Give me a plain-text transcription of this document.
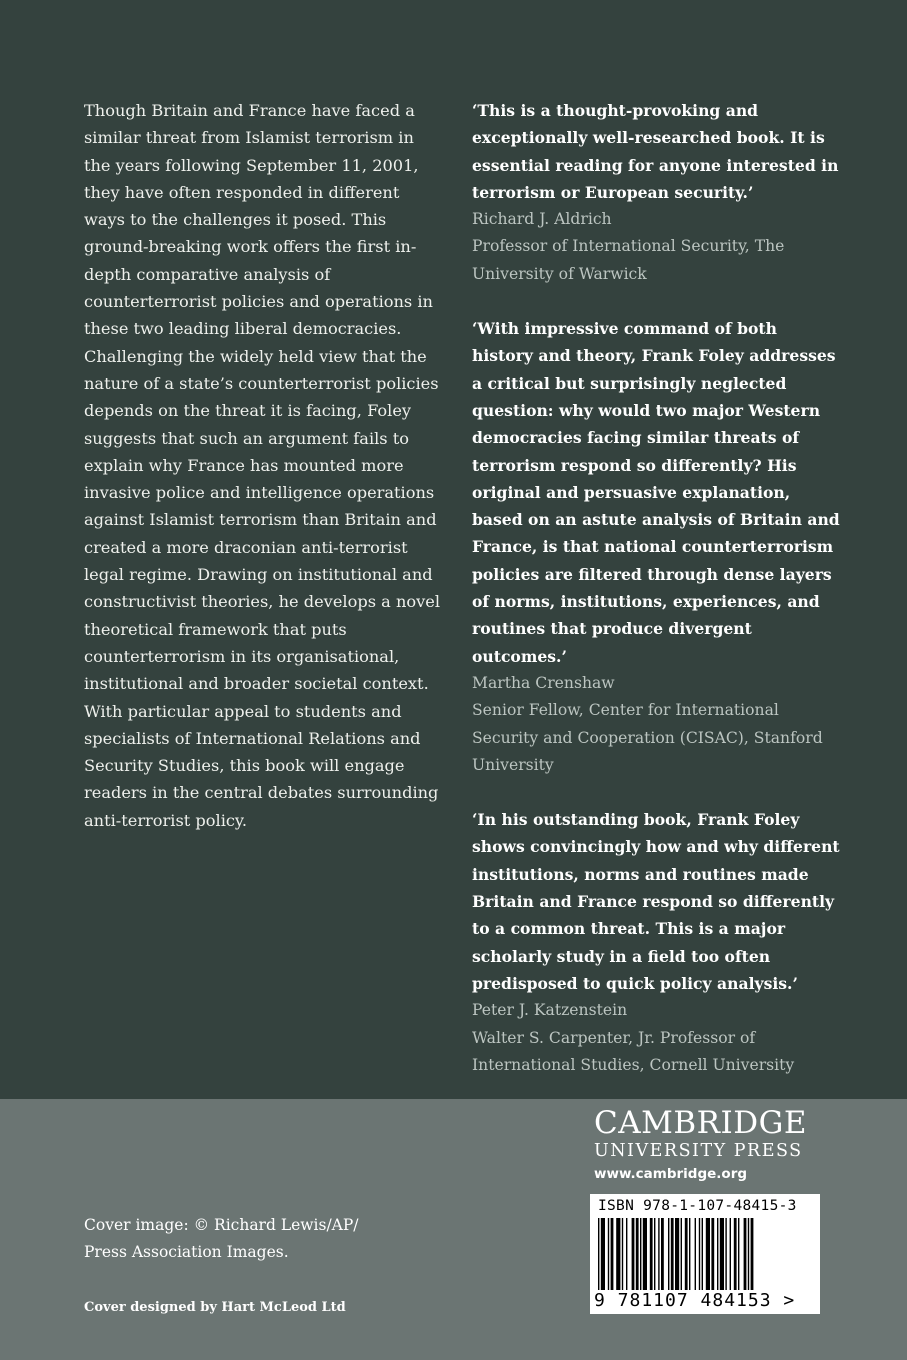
Though Britain and France have faced a similar threat from Islamist terrorism in the years following September 11, 2001, they have often responded in different ways to the challenges it posed. This ground-breaking work offers the first in-depth comparative analysis of counterterrorist policies and operations in these two leading liberal democracies. Challenging the widely held view that the nature of a state’s counterterrorist policies depends on the threat it is facing, Foley suggests that such an argument fails to explain why France has mounted more invasive police and intelligence operations against Islamist terrorism than Britain and created a more draconian anti-terrorist legal regime. Drawing on institutional and constructivist theories, he develops a novel theoretical framework that puts counterterrorism in its organisational, institutional and broader societal context. With particular appeal to students and specialists of International Relations and Security Studies, this book will engage readers in the central debates surrounding anti-terrorist policy.

‘This is a thought-provoking and exceptionally well-researched book. It is essential reading for anyone interested in terrorism or European security.’

Richard J. Aldrich

Professor of International Security, The University of Warwick

‘With impressive command of both history and theory, Frank Foley addresses a critical but surprisingly neglected question: why would two major Western democracies facing similar threats of terrorism respond so differently? His original and persuasive explanation, based on an astute analysis of Britain and France, is that national counterterrorism policies are filtered through dense layers of norms, institutions, experiences, and routines that produce divergent outcomes.’

Martha Crenshaw

Senior Fellow, Center for International Security and Cooperation (CISAC), Stanford University

‘In his outstanding book, Frank Foley shows convincingly how and why different institutions, norms and routines made Britain and France respond so differently to a common threat. This is a major scholarly study in a field too often predisposed to quick policy analysis.’

Peter J. Katzenstein

Walter S. Carpenter, Jr. Professor of International Studies, Cornell University

CAMBRIDGE

UNIVERSITY PRESS

www.cambridge.org

ISBN 978-1-107-48415-3

9 781107 484153 >

Cover image: © Richard Lewis/AP/ Press Association Images.

Cover designed by Hart McLeod Ltd
